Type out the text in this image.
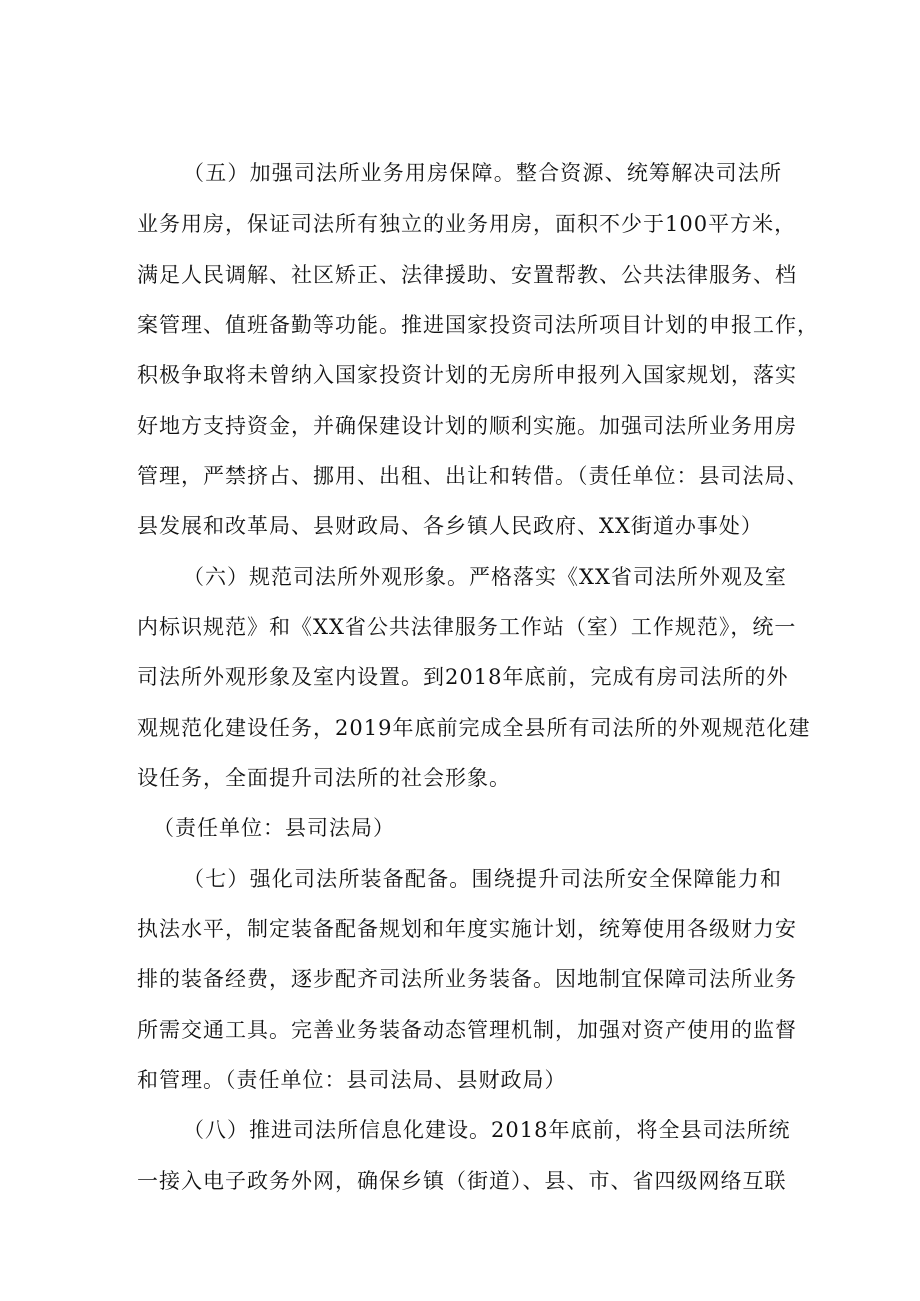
（五）加强司法所业务用房保障。整合资源、统筹解决司法所
业务用房，保证司法所有独立的业务用房，面积不少于100平方米，
满足人民调解、社区矫正、法律援助、安置帮教、公共法律服务、档
案管理、值班备勤等功能。推进国家投资司法所项目计划的申报工作，
积极争取将未曾纳入国家投资计划的无房所申报列入国家规划，落实
好地方支持资金，并确保建设计划的顺利实施。加强司法所业务用房
管理，严禁挤占、挪用、出租、出让和转借。（责任单位：县司法局、
县发展和改革局、县财政局、各乡镇人民政府、XX街道办事处）
（六）规范司法所外观形象。严格落实《XX省司法所外观及室
内标识规范》和《XX省公共法律服务工作站（室）工作规范》，统一
司法所外观形象及室内设置。到2018年底前，完成有房司法所的外
观规范化建设任务，2019年底前完成全县所有司法所的外观规范化建
设任务，全面提升司法所的社会形象。
（责任单位：县司法局）
（七）强化司法所装备配备。围绕提升司法所安全保障能力和
执法水平，制定装备配备规划和年度实施计划，统筹使用各级财力安
排的装备经费，逐步配齐司法所业务装备。因地制宜保障司法所业务
所需交通工具。完善业务装备动态管理机制，加强对资产使用的监督
和管理。（责任单位：县司法局、县财政局）
（八）推进司法所信息化建设。2018年底前，将全县司法所统
一接入电子政务外网，确保乡镇（街道）、县、市、省四级网络互联
